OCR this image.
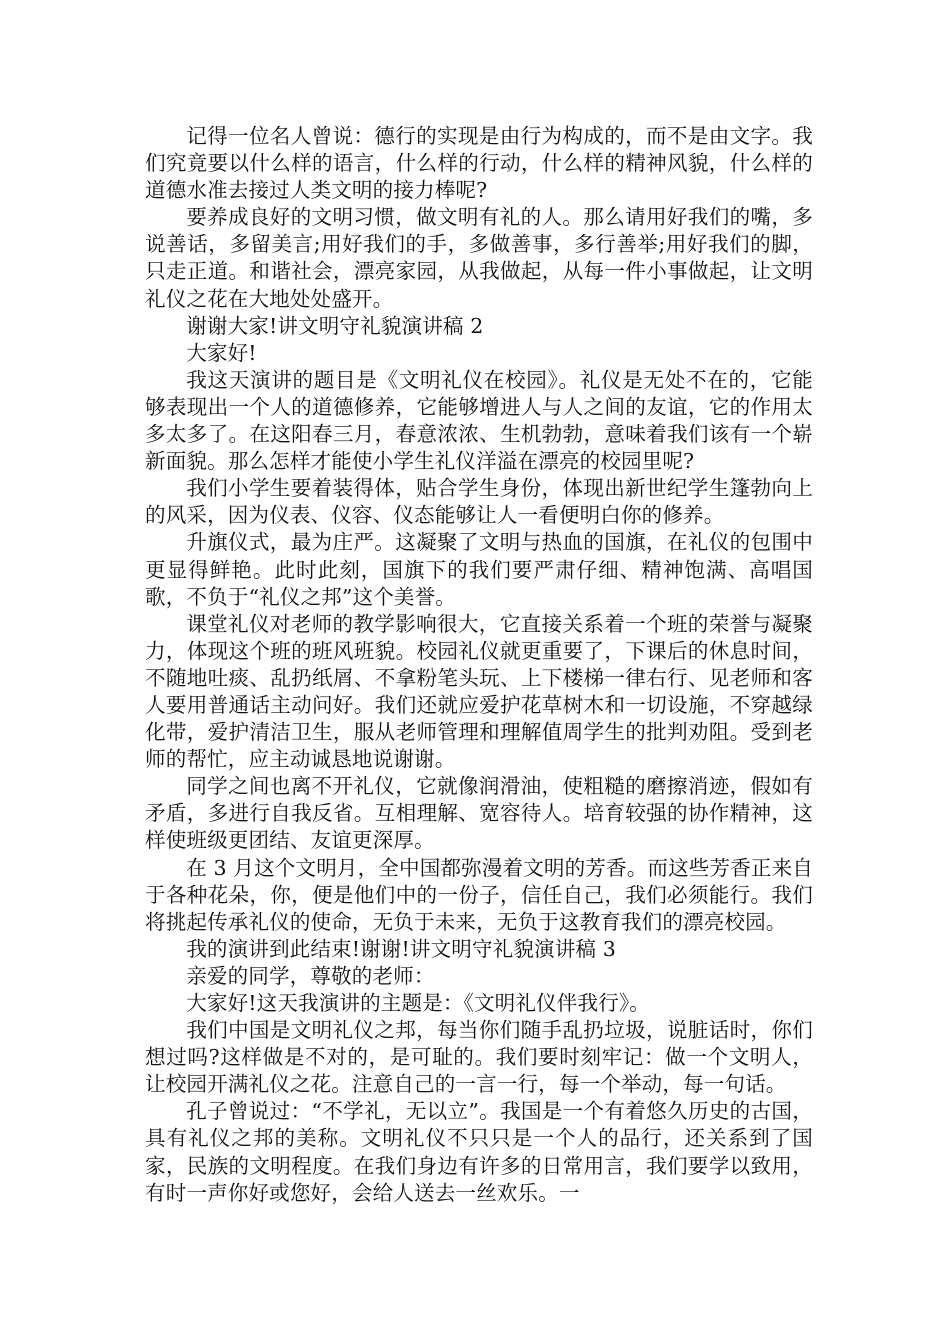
记得一位名人曾说：德行的实现是由行为构成的，而不是由文字。我们究竟要以什么样的语言，什么样的行动，什么样的精神风貌，什么样的道德水准去接过人类文明的接力棒呢?

要养成良好的文明习惯，做文明有礼的人。那么请用好我们的嘴，多说善话，多留美言;用好我们的手，多做善事，多行善举;用好我们的脚，只走正道。和谐社会，漂亮家园，从我做起，从每一件小事做起，让文明礼仪之花在大地处处盛开。

谢谢大家!讲文明守礼貌演讲稿 2

大家好!

我这天演讲的题目是《文明礼仪在校园》。礼仪是无处不在的，它能够表现出一个人的道德修养，它能够增进人与人之间的友谊，它的作用太多太多了。在这阳春三月，春意浓浓、生机勃勃，意味着我们该有一个崭新面貌。那么怎样才能使小学生礼仪洋溢在漂亮的校园里呢?

我们小学生要着装得体，贴合学生身份，体现出新世纪学生篷勃向上的风采，因为仪表、仪容、仪态能够让人一看便明白你的修养。

升旗仪式，最为庄严。这凝聚了文明与热血的国旗，在礼仪的包围中更显得鲜艳。此时此刻，国旗下的我们要严肃仔细、精神饱满、高唱国歌，不负于“礼仪之邦”这个美誉。

课堂礼仪对老师的教学影响很大，它直接关系着一个班的荣誉与凝聚力，体现这个班的班风班貌。校园礼仪就更重要了，下课后的休息时间，不随地吐痰、乱扔纸屑、不拿粉笔头玩、上下楼梯一律右行、见老师和客人要用普通话主动问好。我们还就应爱护花草树木和一切设施，不穿越绿化带，爱护清洁卫生，服从老师管理和理解值周学生的批判劝阻。受到老师的帮忙，应主动诚恳地说谢谢。

同学之间也离不开礼仪，它就像润滑油，使粗糙的磨擦消迹，假如有矛盾，多进行自我反省。互相理解、宽容待人。培育较强的协作精神，这样使班级更团结、友谊更深厚。

在 3 月这个文明月，全中国都弥漫着文明的芳香。而这些芳香正来自于各种花朵，你，便是他们中的一份子，信任自己，我们必须能行。我们将挑起传承礼仪的使命，无负于未来，无负于这教育我们的漂亮校园。

我的演讲到此结束!谢谢!讲文明守礼貌演讲稿 3

亲爱的同学，尊敬的老师：

大家好!这天我演讲的主题是：《文明礼仪伴我行》。

我们中国是文明礼仪之邦，每当你们随手乱扔垃圾，说脏话时，你们想过吗?这样做是不对的，是可耻的。我们要时刻牢记：做一个文明人，让校园开满礼仪之花。注意自己的一言一行，每一个举动，每一句话。

孔子曾说过：“不学礼，无以立”。我国是一个有着悠久历史的古国，具有礼仪之邦的美称。文明礼仪不只只是一个人的品行，还关系到了国家，民族的文明程度。在我们身边有许多的日常用言，我们要学以致用，有时一声你好或您好，会给人送去一丝欢乐。一
